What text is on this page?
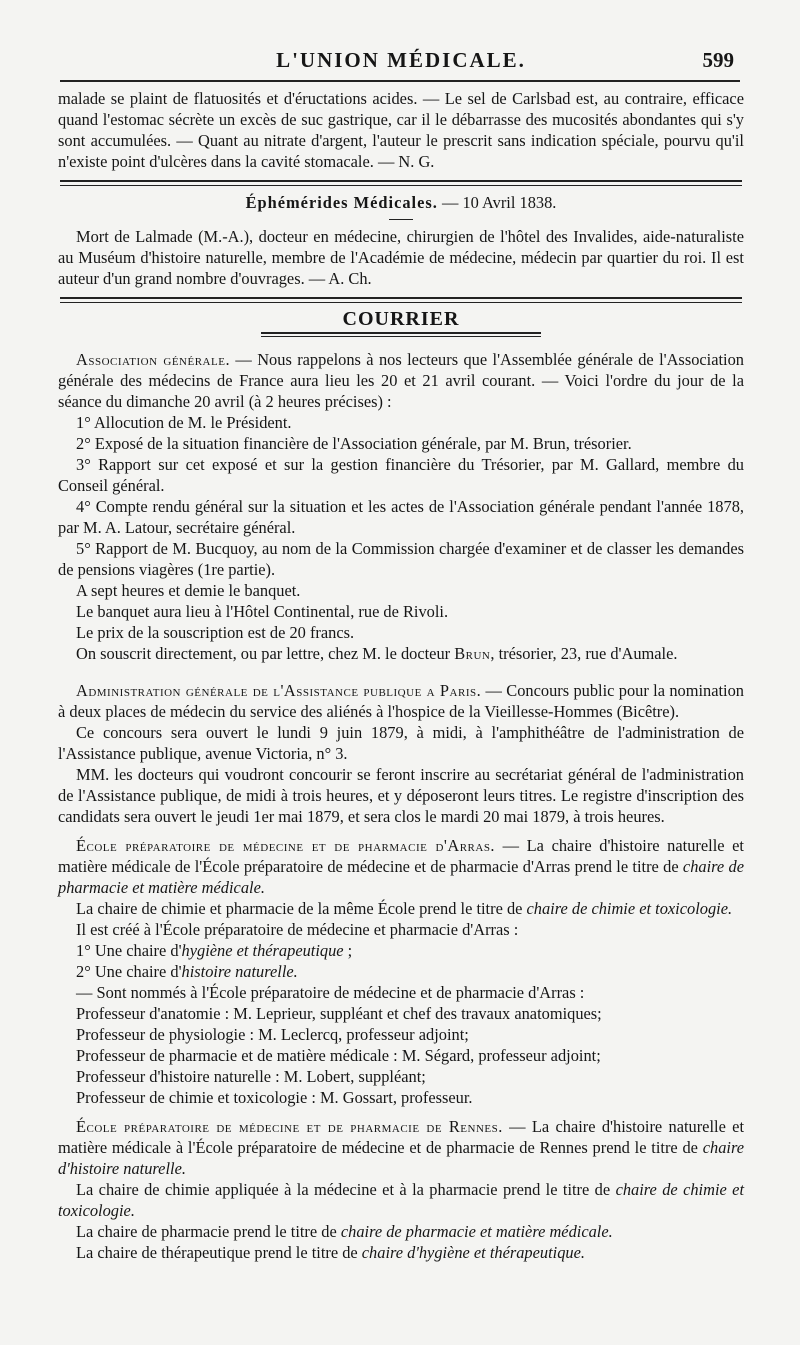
L'UNION MÉDICALE.	599

malade se plaint de flatuosités et d'éructations acides. — Le sel de Carlsbad est, au contraire, efficace quand l'estomac sécrète un excès de suc gastrique, car il le débarrasse des mucosités abondantes qui s'y sont accumulées. — Quant au nitrate d'argent, l'auteur le prescrit sans indication spéciale, pourvu qu'il n'existe point d'ulcères dans la cavité stomacale. — N. G.

Éphémérides Médicales. — 10 Avril 1838.

Mort de Lalmade (M.-A.), docteur en médecine, chirurgien de l'hôtel des Invalides, aide-naturaliste au Muséum d'histoire naturelle, membre de l'Académie de médecine, médecin par quartier du roi. Il est auteur d'un grand nombre d'ouvrages. — A. Ch.

COURRIER

Association générale. — Nous rappelons à nos lecteurs que l'Assemblée générale de l'Association générale des médecins de France aura lieu les 20 et 21 avril courant. — Voici l'ordre du jour de la séance du dimanche 20 avril (à 2 heures précises) :

1° Allocution de M. le Président.

2° Exposé de la situation financière de l'Association générale, par M. Brun, trésorier.

3° Rapport sur cet exposé et sur la gestion financière du Trésorier, par M. Gallard, membre du Conseil général.

4° Compte rendu général sur la situation et les actes de l'Association générale pendant l'année 1878, par M. A. Latour, secrétaire général.

5° Rapport de M. Bucquoy, au nom de la Commission chargée d'examiner et de classer les demandes de pensions viagères (1re partie).

A sept heures et demie le banquet.

Le banquet aura lieu à l'Hôtel Continental, rue de Rivoli.

Le prix de la souscription est de 20 francs.

On souscrit directement, ou par lettre, chez M. le docteur Brun, trésorier, 23, rue d'Aumale.

Administration générale de l'Assistance publique a Paris. — Concours public pour la nomination à deux places de médecin du service des aliénés à l'hospice de la Vieillesse-Hommes (Bicêtre).

Ce concours sera ouvert le lundi 9 juin 1879, à midi, à l'amphithéâtre de l'administration de l'Assistance publique, avenue Victoria, n° 3.

MM. les docteurs qui voudront concourir se feront inscrire au secrétariat général de l'administration de l'Assistance publique, de midi à trois heures, et y déposeront leurs titres. Le registre d'inscription des candidats sera ouvert le jeudi 1er mai 1879, et sera clos le mardi 20 mai 1879, à trois heures.

École préparatoire de médecine et de pharmacie d'Arras. — La chaire d'histoire naturelle et matière médicale de l'École préparatoire de médecine et de pharmacie d'Arras prend le titre de chaire de pharmacie et matière médicale.

La chaire de chimie et pharmacie de la même École prend le titre de chaire de chimie et toxicologie.

Il est créé à l'École préparatoire de médecine et pharmacie d'Arras :

1° Une chaire d'hygiène et thérapeutique ;

2° Une chaire d'histoire naturelle.

— Sont nommés à l'École préparatoire de médecine et de pharmacie d'Arras :

Professeur d'anatomie : M. Leprieur, suppléant et chef des travaux anatomiques;

Professeur de physiologie : M. Leclercq, professeur adjoint;

Professeur de pharmacie et de matière médicale : M. Ségard, professeur adjoint;

Professeur d'histoire naturelle : M. Lobert, suppléant;

Professeur de chimie et toxicologie : M. Gossart, professeur.

École préparatoire de médecine et de pharmacie de Rennes. — La chaire d'histoire naturelle et matière médicale à l'École préparatoire de médecine et de pharmacie de Rennes prend le titre de chaire d'histoire naturelle.

La chaire de chimie appliquée à la médecine et à la pharmacie prend le titre de chaire de chimie et toxicologie.

La chaire de pharmacie prend le titre de chaire de pharmacie et matière médicale.

La chaire de thérapeutique prend le titre de chaire d'hygiène et thérapeutique.
